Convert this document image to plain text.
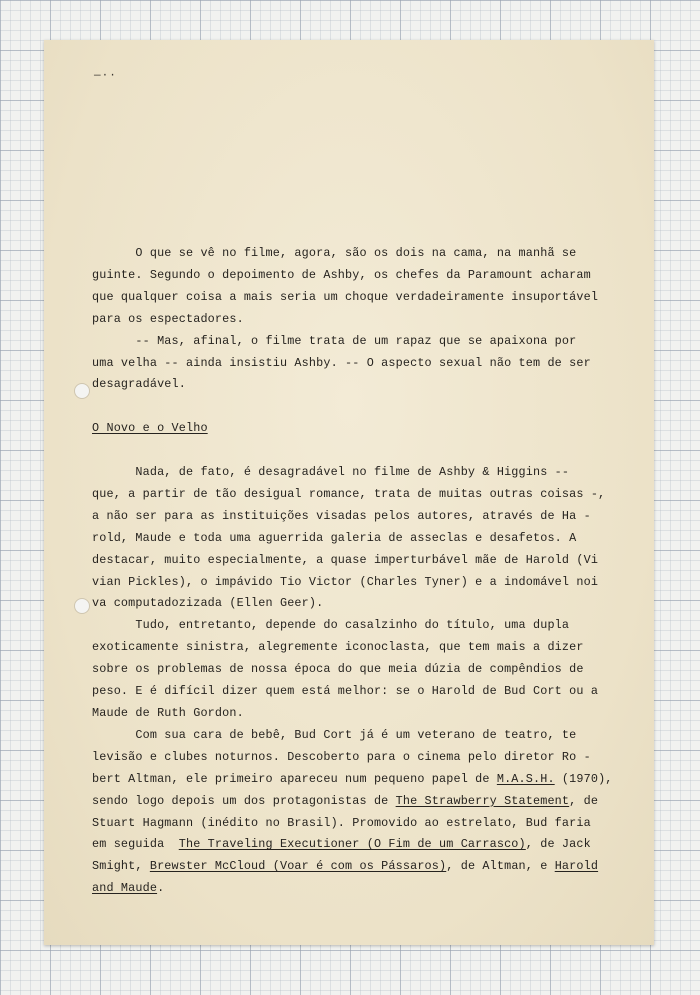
—··
O que se vê no filme, agora, são os dois na cama, na manhã se
guinte. Segundo o depoimento de Ashby, os chefes da Paramount acharam
que qualquer coisa a mais seria um choque verdadeiramente insuportável
para os espectadores.
-- Mas, afinal, o filme trata de um rapaz que se apaixona por
uma velha -- ainda insistiu Ashby. -- O aspecto sexual não tem de ser
desagradável.
O Novo e o Velho
Nada, de fato, é desagradável no filme de Ashby & Higgins --
que, a partir de tão desigual romance, trata de muitas outras coisas -,
a não ser para as instituições visadas pelos autores, através de Ha -
rold, Maude e toda uma aguerrida galeria de asseclas e desafetos. A
destacar, muito especialmente, a quase imperturbável mãe de Harold (Vi
vian Pickles), o impávido Tio Victor (Charles Tyner) e a indomável noi
va computadozizada (Ellen Geer).
Tudo, entretanto, depende do casalzinho do título, uma dupla
exoticamente sinistra, alegremente iconoclasta, que tem mais a dizer
sobre os problemas de nossa época do que meia dúzia de compêndios de
peso. E é difícil dizer quem está melhor: se o Harold de Bud Cort ou a
Maude de Ruth Gordon.
Com sua cara de bebê, Bud Cort já é um veterano de teatro, te
levisão e clubes noturnos. Descoberto para o cinema pelo diretor Ro -
bert Altman, ele primeiro apareceu num pequeno papel de M.A.S.H. (1970),
sendo logo depois um dos protagonistas de The Strawberry Statement, de
Stuart Hagmann (inédito no Brasil). Promovido ao estrelato, Bud faria
em seguida  The Traveling Executioner (O Fim de um Carrasco), de Jack
Smight, Brewster McCloud (Voar é com os Pássaros), de Altman, e Harold
and Maude.
